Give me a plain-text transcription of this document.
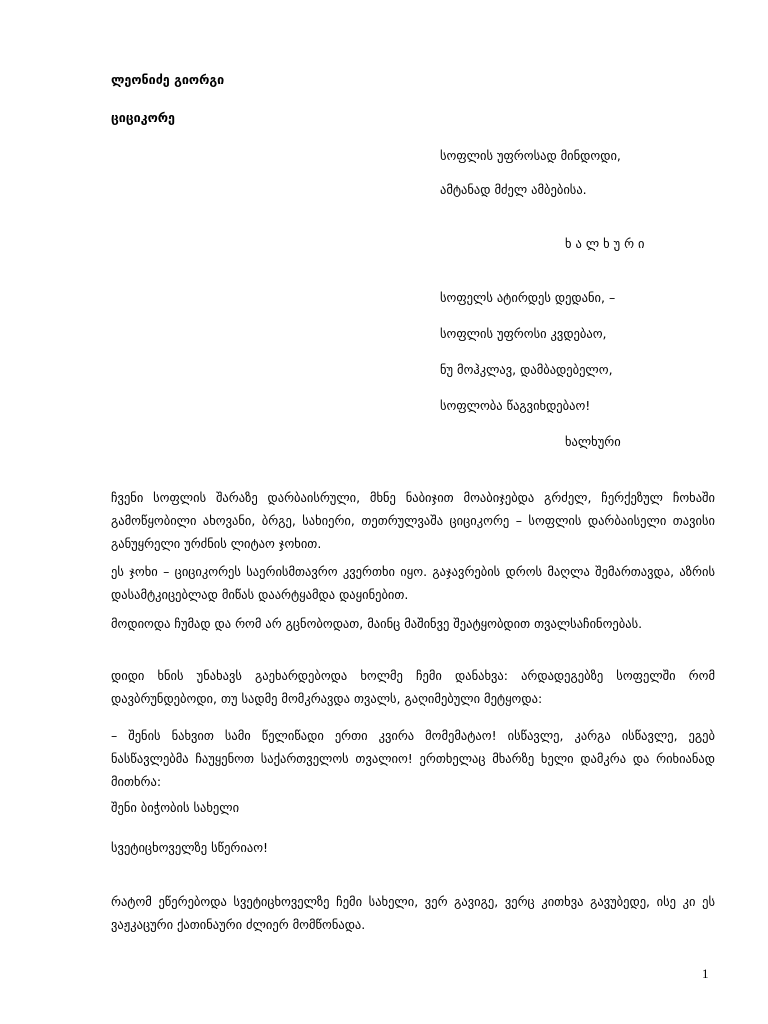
ლეონიძე გიორგი

ციციკორე

სოფლის უფროსად მინდოდი,

ამტანად მძელ ამბებისა.

ხ ა ლ ხ უ რ ი

სოფელს ატირდეს დედანი, –

სოფლის უფროსი კვდებაო,

ნუ მოჰკლავ, დამბადებელო,

სოფლობა წაგვიხდებაო!

ხალხური

ჩვენი სოფლის შარაზე დარბაისრული, მხნე ნაბიჯით მოაბიჯებდა გრძელ, ჩერქეზულ ჩოხაში გამოწყობილი ახოვანი, ბრგე, სახიერი, თეთრულვაშა ციციკორე – სოფლის დარბაისელი თავისი განუყრელი ურძნის ლიტაო ჯოხით.

ეს ჯოხი – ციციკორეს საერისმთავრო კვერთხი იყო. გაჯავრების დროს მაღლა შემართავდა, აზრის დასამტკიცებლად მიწას დაარტყამდა დაყინებით.

მოდიოდა ჩუმად და რომ არ გცნობოდათ, მაინც მაშინვე შეატყობდით თვალსაჩინოებას.

დიდი ხნის უნახავს გაეხარდებოდა ხოლმე ჩემი დანახვა: არდადეგებზე სოფელში რომ დავბრუნდებოდი, თუ სადმე მომკრავდა თვალს, გაღიმებული მეტყოდა:

– შენის ნახვით სამი წელიწადი ერთი კვირა მომემატაო! ისწავლე, კარგა ისწავლე, ეგებ ნასწავლებმა ჩაუყენოთ საქართველოს თვალიო! ერთხელაც მხარზე ხელი დამკრა და რიხიანად მითხრა:

შენი ბიჭობის სახელი

სვეტიცხოველზე სწერიაო!

რატომ ეწერებოდა სვეტიცხოველზე ჩემი სახელი, ვერ გავიგე, ვერც კითხვა გავუბედე, ისე კი ეს ვაჟკაცური ქათინაური ძლიერ მომწონადა.

1
